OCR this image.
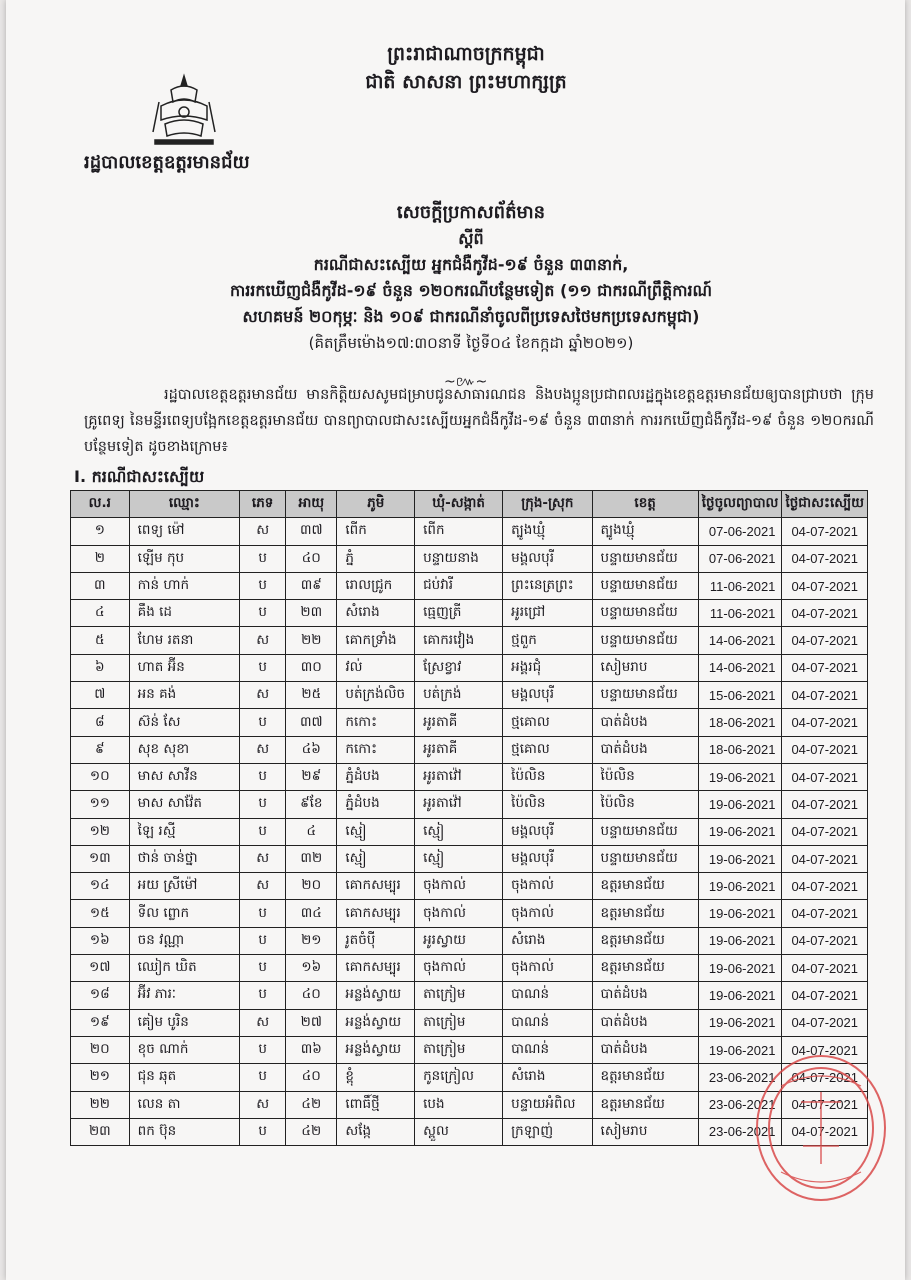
ព្រះរាជាណាចក្រកម្ពុជា
ជាតិ សាសនា ព្រះមហាក្សត្រ
រដ្ឋបាលខេត្តឧត្តរមានជ័យ
សេចក្ដីប្រកាសព័ត៌មាន
ស្ដីពី
ករណីជាសះស្បើយ អ្នកជំងឺកូវីដ-១៩ ចំនួន ៣៣នាក់,
ការរកឃើញជំងឺកូវីដ-១៩ ចំនួន ១២០ករណីបន្ថែមទៀត (១១ ជាករណីព្រឹត្តិការណ៍
សហគមន៍ ២០កុម្ភៈ និង ១០៩ ជាករណីនាំចូលពីប្រទេសថៃមកប្រទេសកម្ពុជា)
(គិតត្រឹមម៉ោង១៧:៣០នាទី ថ្ងៃទី០៤ ខែកក្កដា ឆ្នាំ២០២១)
~៚~
រដ្ឋបាលខេត្តឧត្តរមានជ័យ មានកិត្តិយសសូមជម្រាបជូនសាធារណជន និងបងប្អូនប្រជាពលរដ្ឋក្នុងខេត្តឧត្តរមានជ័យឲ្យបានជ្រាបថា ក្រុមគ្រូពេទ្យ នៃមន្ទីរពេទ្យបង្អែកខេត្តឧត្តរមានជ័យ បានព្យាបាលជាសះស្បើយអ្នកជំងឺកូវីដ-១៩ ចំនួន ៣៣នាក់ ការរកឃើញជំងឺកូវីដ-១៩ ចំនួន ១២០ករណីបន្ថែមទៀត ដូចខាងក្រោម៖
I. ករណីជាសះស្បើយ
ល.រ	ឈ្មោះ	ភេទ	អាយុ	ភូមិ	ឃុំ-សង្កាត់	ក្រុង-ស្រុក	ខេត្ត	ថ្ងៃចូលព្យាបាល	ថ្ងៃជាសះស្បើយ
១	ពេទ្យ ម៉ៅ	ស	៣៧	ពើក	ពើក	ត្បូងឃ្មុំ	ត្បូងឃ្មុំ	07-06-2021	04-07-2021
២	ឡើម កុប	ប	៤០	ភ្នំ	បន្ទាយនាង	មង្គលបុរី	បន្ទាយមានជ័យ	07-06-2021	04-07-2021
៣	កាន់ ហាក់	ប	៣៩	រោលជ្រូក	ជប់វារី	ព្រះនេត្រព្រះ	បន្ទាយមានជ័យ	11-06-2021	04-07-2021
៤	គឹង ដេ	ប	២៣	សំរោង	ធ្មេញត្រី	អូរជ្រៅ	បន្ទាយមានជ័យ	11-06-2021	04-07-2021
៥	ហែម រតនា	ស	២២	គោកទ្រាំង	គោករវៀង	ថ្មពួក	បន្ទាយមានជ័យ	14-06-2021	04-07-2021
៦	ហាត អ៊ីន	ប	៣០	វល់	ស្រែខ្វាវ	អង្គរជុំ	សៀមរាប	14-06-2021	04-07-2021
៧	អន គង់	ស	២៥	បត់ក្រង់លិច	បត់ក្រង់	មង្គលបុរី	បន្ទាយមានជ័យ	15-06-2021	04-07-2021
៨	ស៊ន់ សែ	ប	៣៧	កកោះ	អូរតាគី	ថ្មគោល	បាត់ដំបង	18-06-2021	04-07-2021
៩	សុខ សុខា	ស	៤៦	កកោះ	អូរតាគី	ថ្មគោល	បាត់ដំបង	18-06-2021	04-07-2021
១០	មាស សាវីន	ប	២៩	ភ្នំដំបង	អូរតាវ៉ៅ	ប៉ៃលិន	ប៉ៃលិន	19-06-2021	04-07-2021
១១	មាស សាវ៉ែត	ប	៩ខែ	ភ្នំដំបង	អូរតាវ៉ៅ	ប៉ៃលិន	ប៉ៃលិន	19-06-2021	04-07-2021
១២	ឡៃ រស្មី	ប	៤	ស្មៀ	ស្មៀ	មង្គលបុរី	បន្ទាយមានជ័យ	19-06-2021	04-07-2021
១៣	ថាន់ ចាន់ថ្នា	ស	៣២	ស្មៀ	ស្មៀ	មង្គលបុរី	បន្ទាយមានជ័យ	19-06-2021	04-07-2021
១៤	អយ ស្រីម៉ៅ	ស	២០	គោកសម្បុរ	ចុងកាល់	ចុងកាល់	ឧត្តរមានជ័យ	19-06-2021	04-07-2021
១៥	ទីល ព្លោក	ប	៣៤	គោកសម្បុរ	ចុងកាល់	ចុងកាល់	ឧត្តរមានជ័យ	19-06-2021	04-07-2021
១៦	ចន វណ្ណា	ប	២១	រូតចំប៉ី	អូរស្វាយ	សំរោង	ឧត្តរមានជ័យ	19-06-2021	04-07-2021
១៧	ឈៀក ឃិត	ប	១៦	គោកសម្បុរ	ចុងកាល់	ចុងកាល់	ឧត្តរមានជ័យ	19-06-2021	04-07-2021
១៨	អ៊ីវ ភារៈ	ប	៤០	អន្លង់ស្វាយ	តាក្រៀម	បាណន់	បាត់ដំបង	19-06-2021	04-07-2021
១៩	គៀម បូរិន	ស	២៧	អន្លង់ស្វាយ	តាក្រៀម	បាណន់	បាត់ដំបង	19-06-2021	04-07-2021
២០	ខុច ណាក់	ប	៣៦	អន្លង់ស្វាយ	តាក្រៀម	បាណន់	បាត់ដំបង	19-06-2021	04-07-2021
២១	ជុន ឆុត	ប	៤០	ខ្ពុំ	កូនក្រៀល	សំរោង	ឧត្តរមានជ័យ	23-06-2021	04-07-2021
២២	លេន តា	ស	៤២	ពោធិ៍ថ្មី	បេង	បន្ទាយអំពិល	ឧត្តរមានជ័យ	23-06-2021	04-07-2021
២៣	ពក ប៊ុន	ប	៤២	សង្កែ	ស្ពួល	ក្រឡាញ់	សៀមរាប	23-06-2021	04-07-2021
